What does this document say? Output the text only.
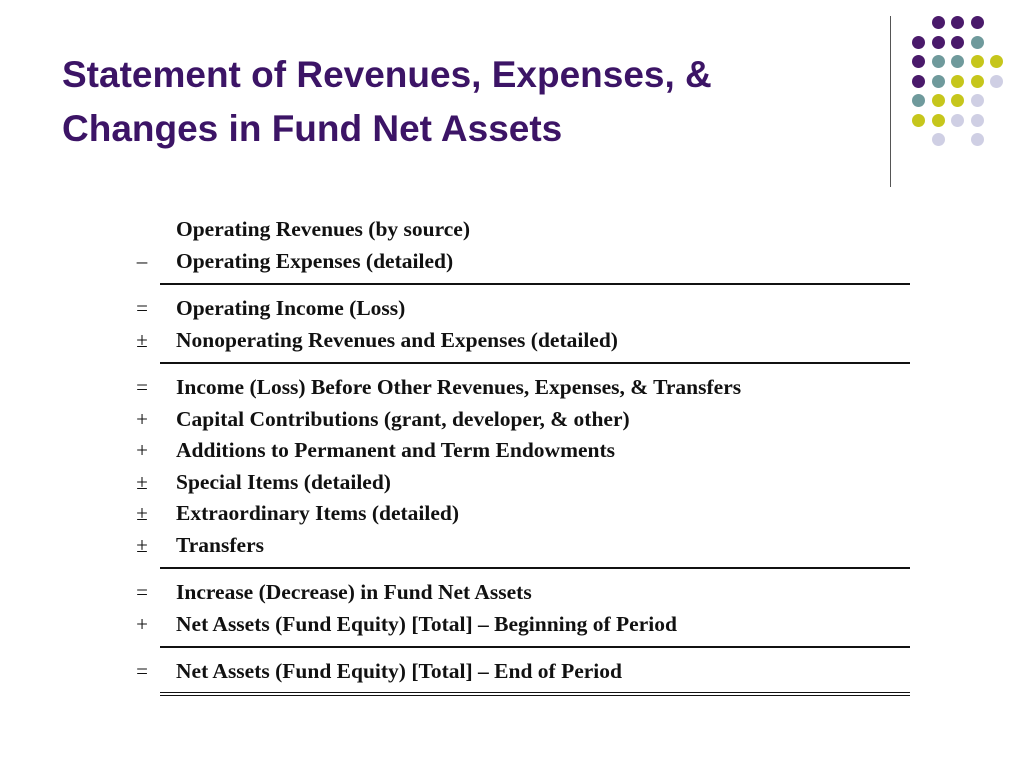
Statement of Revenues, Expenses, &
Changes in Fund Net Assets
Operating Revenues (by source)
–	Operating Expenses (detailed)
=	Operating Income (Loss)
±	Nonoperating Revenues and Expenses (detailed)
=	Income (Loss) Before Other Revenues, Expenses, & Transfers
+	Capital Contributions (grant, developer, & other)
+	Additions to Permanent and Term Endowments
±	Special Items (detailed)
±	Extraordinary Items (detailed)
±	Transfers
=	Increase (Decrease) in Fund Net Assets
+	Net Assets (Fund Equity) [Total] – Beginning of Period
=	Net Assets (Fund Equity) [Total] – End of Period
